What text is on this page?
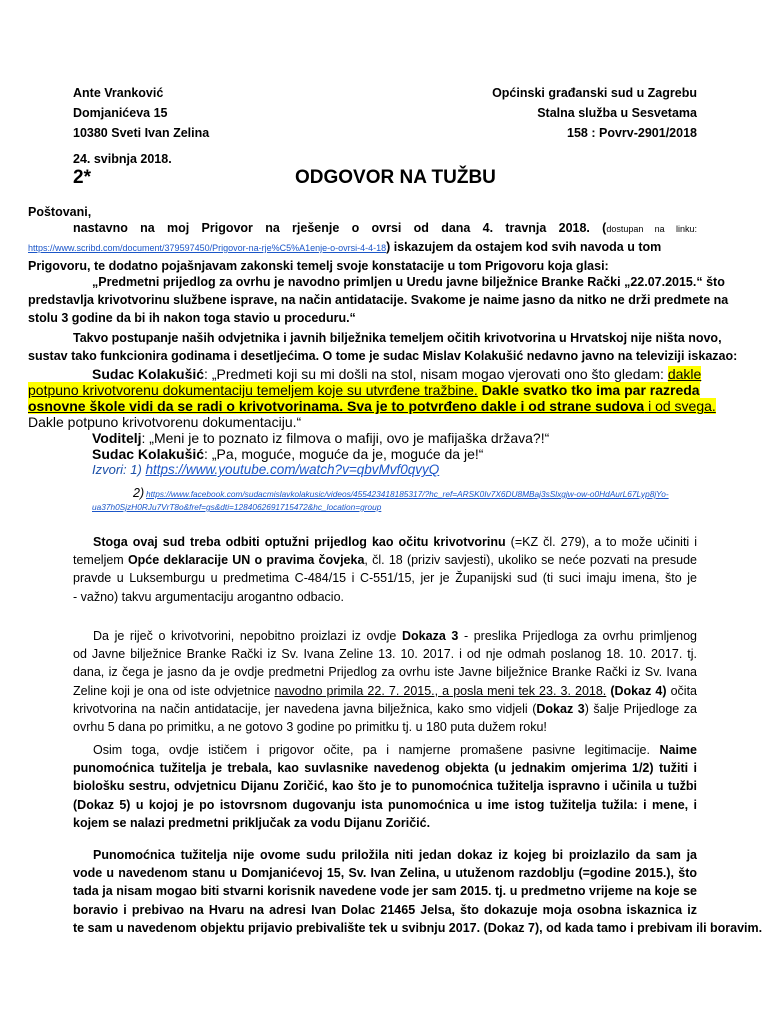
Ante Vranković
Domjanićeva 15
10380 Sveti Ivan Zelina
Općinski građanski sud u Zagrebu
Stalna služba u Sesvetama
158 : Povrv-2901/2018
24. svibnja 2018.
2*	ODGOVOR NA TUŽBU
Poštovani,
nastavno na moj Prigovor na rješenje o ovrsi od dana 4. travnja 2018. (dostupan na linku:
https://www.scribd.com/document/379597450/Prigovor-na-rje%C5%A1enje-o-ovrsi-4-4-18) iskazujem da ostajem kod svih navoda u tom
Prigovoru, te dodatno pojašnjavam zakonski temelj svoje konstatacije u tom Prigovoru koja glasi:
„Predmetni prijedlog za ovrhu je navodno primljen u Uredu javne bilježnice Branke Rački „22.07.2015.“ što
predstavlja krivotvorinu službene isprave, na način antidatacije. Svakome je naime jasno da nitko ne drži predmete na
stolu 3 godine da bi ih nakon toga stavio u proceduru.“
Takvo postupanje naših odvjetnika i javnih bilježnika temeljem očitih krivotvorina u Hrvatskoj nije ništa novo,
sustav tako funkcionira godinama i desetljećima. O tome je sudac Mislav Kolakušić nedavno javno na televiziji iskazao:
Sudac Kolakušić: „Predmeti koji su mi došli na stol, nisam mogao vjerovati ono što gledam: dakle
potpuno krivotvorenu dokumentaciju temeljem koje su utvrđene tražbine. Dakle svatko tko ima par razreda
osnovne škole vidi da se radi o krivotvorinama. Sva je to potvrđeno dakle i od strane sudova i od svega.
Dakle potpuno krivotvorenu dokumentaciju.“
Voditelj: „Meni je to poznato iz filmova o mafiji, ovo je mafijaška država?!“
Sudac Kolakušić: „Pa, moguće, moguće da je, moguće da je!“
Izvori: 1) https://www.youtube.com/watch?v=qbvMvf0qvyQ
2) https://www.facebook.com/sudacmislavkolakusic/videos/455423418185317/?hc_ref=ARSK0Iv7X6DU8MBaj3sSlxgjw-ow-o0HdAurL67Lyp8jYo-
ua37h0SjzH0RJu7VrT8o&fref=gs&dti=1284062691715472&hc_location=group
Stoga ovaj sud treba odbiti optužni prijedlog kao očitu krivotvorinu (=KZ čl. 279), a to može učiniti i
temeljem Opće deklaracije UN o pravima čovjeka, čl. 18 (priziv savjesti), ukoliko se neće pozvati na presude
pravde u Luksemburgu u predmetima C-484/15 i C-551/15, jer je Županijski sud (ti suci imaju imena, što je
- važno) takvu argumentaciju arogantno odbacio.
Da je riječ o krivotvorini, nepobitno proizlazi iz ovdje Dokaza 3 - preslika Prijedloga za ovrhu primljenog
od Javne bilježnice Branke Rački iz Sv. Ivana Zeline 13. 10. 2017. i od nje odmah poslanog 18. 10. 2017. tj.
dana, iz čega je jasno da je ovdje predmetni Prijedlog za ovrhu iste Javne bilježnice Branke Rački iz Sv. Ivana
Zeline koji je ona od iste odvjetnice navodno primila 22. 7. 2015., a posla meni tek 23. 3. 2018. (Dokaz 4) očita
krivotvorina na način antidatacije, jer navedena javna bilježnica, kako smo vidjeli (Dokaz 3) šalje Prijedloge za
ovrhu 5 dana po primitku, a ne gotovo 3 godine po primitku tj. u 180 puta dužem roku!
Osim toga, ovdje ističem i prigovor očite, pa i namjerne promašene pasivne legitimacije. Naime
punomoćnica tužitelja je trebala, kao suvlasnike navedenog objekta (u jednakim omjerima 1/2) tužiti i
biološku sestru, odvjetnicu Dijanu Zoričić, kao što je to punomoćnica tužitelja ispravno i učinila u tužbi
(Dokaz 5) u kojoj je po istovrsnom dugovanju ista punomoćnica u ime istog tužitelja tužila: i mene, i
kojem se nalazi predmetni priključak za vodu Dijanu Zoričić.
Punomoćnica tužitelja nije ovome sudu priložila niti jedan dokaz iz kojeg bi proizlazilo da sam ja
vode u navedenom stanu u Domjanićevoj 15, Sv. Ivan Zelina, u utuženom razdoblju (=godine 2015.), što
tada ja nisam mogao biti stvarni korisnik navedene vode jer sam 2015. tj. u predmetno vrijeme na koje se
boravio i prebivao na Hvaru na adresi Ivan Dolac 21465 Jelsa, što dokazuje moja osobna iskaznica iz
te sam u navedenom objektu prijavio prebivalište tek u svibnju 2017. (Dokaz 7), od kada tamo i prebivam ili boravim.
